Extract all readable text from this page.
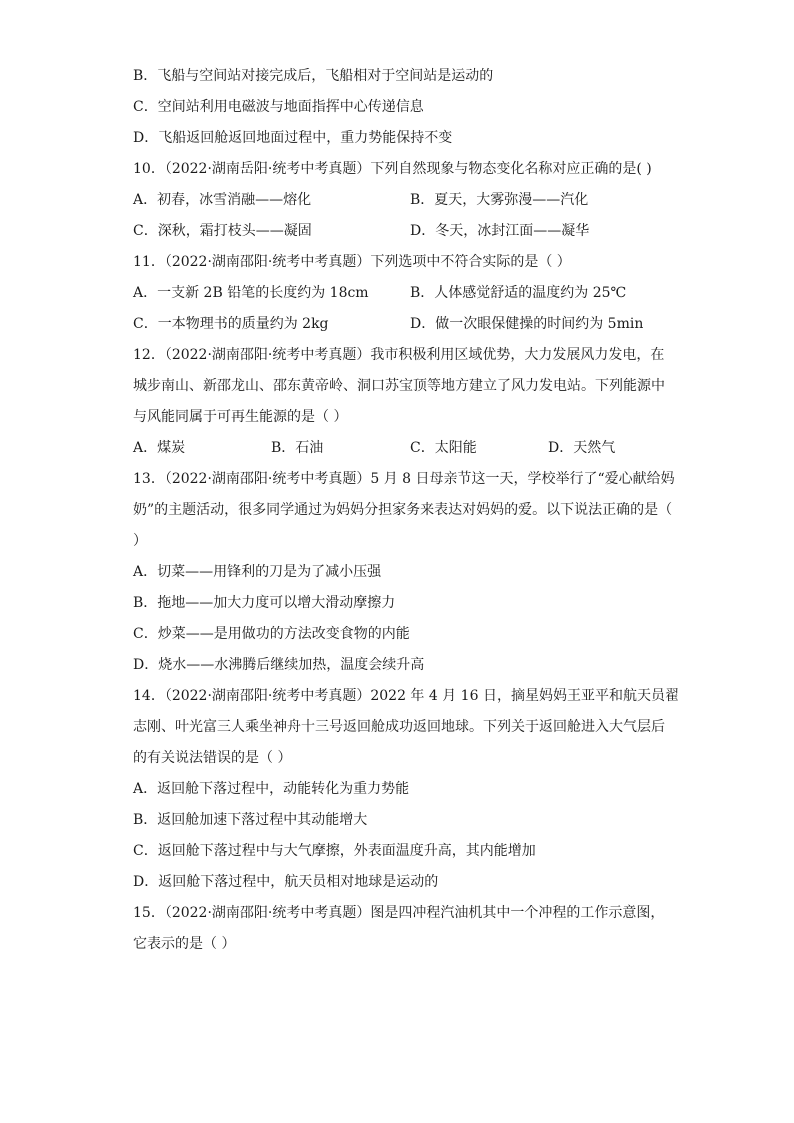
B．飞船与空间站对接完成后，飞船相对于空间站是运动的
C．空间站利用电磁波与地面指挥中心传递信息
D．飞船返回舱返回地面过程中，重力势能保持不变
10．（2022·湖南岳阳·统考中考真题）下列自然现象与物态变化名称对应正确的是( )
A．初春，冰雪消融——熔化	B．夏天，大雾弥漫——汽化
C．深秋，霜打枝头——凝固	D．冬天，冰封江面——凝华
11．（2022·湖南邵阳·统考中考真题）下列选项中不符合实际的是（ ）
A．一支新 2B 铅笔的长度约为 18cm	B．人体感觉舒适的温度约为 25℃
C．一本物理书的质量约为 2kg	D．做一次眼保健操的时间约为 5min
12．（2022·湖南邵阳·统考中考真题）我市积极利用区域优势，大力发展风力发电，在
城步南山、新邵龙山、邵东黄帝岭、洞口苏宝顶等地方建立了风力发电站。下列能源中
与风能同属于可再生能源的是（ ）
A．煤炭	B．石油	C．太阳能	D．天然气
13．（2022·湖南邵阳·统考中考真题）5 月 8 日母亲节这一天，学校举行了“爱心献给妈
奶”的主题活动，很多同学通过为妈妈分担家务来表达对妈妈的爱。以下说法正确的是（
）
A．切菜——用锋利的刀是为了减小压强
B．拖地——加大力度可以增大滑动摩擦力
C．炒菜——是用做功的方法改变食物的内能
D．烧水——水沸腾后继续加热，温度会续升高
14．（2022·湖南邵阳·统考中考真题）2022 年 4 月 16 日，摘星妈妈王亚平和航天员翟
志刚、叶光富三人乘坐神舟十三号返回舱成功返回地球。下列关于返回舱进入大气层后
的有关说法错误的是（ ）
A．返回舱下落过程中，动能转化为重力势能
B．返回舱加速下落过程中其动能增大
C．返回舱下落过程中与大气摩擦，外表面温度升高，其内能增加
D．返回舱下落过程中，航天员相对地球是运动的
15．（2022·湖南邵阳·统考中考真题）图是四冲程汽油机其中一个冲程的工作示意图，
它表示的是（ ）
